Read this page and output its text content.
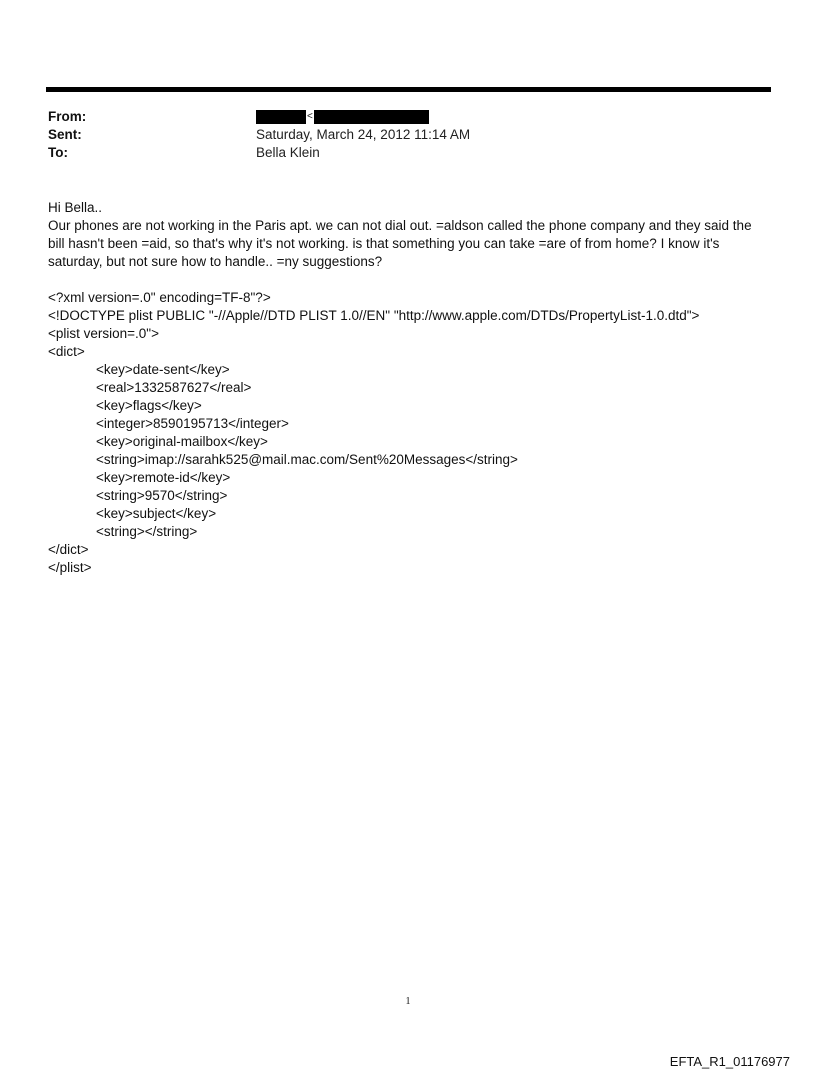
From:	<
Sent:	Saturday, March 24, 2012 11:14 AM
To:	Bella Klein

Hi Bella..

Our phones are not working in the Paris apt. we can not dial out. =aldson called the phone company and they said the bill hasn't been =aid, so that's why it's not working. is that something you can take =are of from home? I know it's saturday, but not sure how to handle.. =ny suggestions?

<?xml version=.0" encoding=TF-8"?>

<!DOCTYPE plist PUBLIC "-//Apple//DTD PLIST 1.0//EN" "http://www.apple.com/DTDs/PropertyList-1.0.dtd">

<plist version=.0">

<dict>

<key>date-sent</key>

<real>1332587627</real>

<key>flags</key>

<integer>8590195713</integer>

<key>original-mailbox</key>

<string>imap://sarahk525@mail.mac.com/Sent%20Messages</string>

<key>remote-id</key>

<string>9570</string>

<key>subject</key>

<string></string>

</dict>

</plist>

1
EFTA_R1_01176977
